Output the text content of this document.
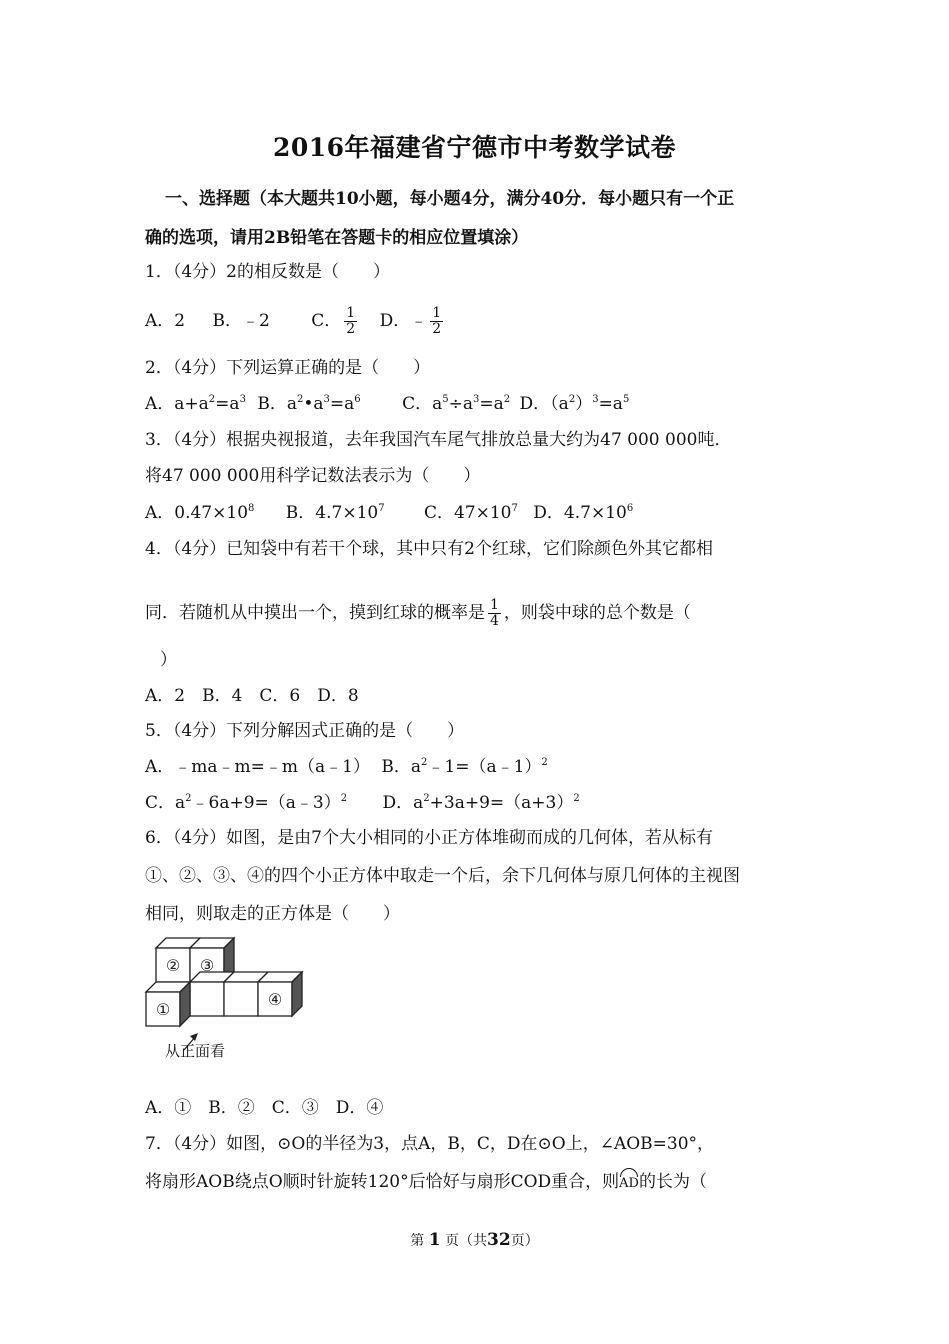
2016年福建省宁德市中考数学试卷
一、选择题（本大题共10小题，每小题4分，满分40分．每小题只有一个正
确的选项，请用2B铅笔在答题卡的相应位置填涂）
1．（4分）2的相反数是（　　）
A．2 B．﹣2 C． $\frac{1}{2}$ D．﹣ $\frac{1}{2}$
2．（4分）下列运算正确的是（　　）
A．$a+a^2=a^3$ B．$a^2•a^3=a^6$ C．$a^5\div a^3=a^2$ D．$(a^2)^3=a^5$
3．（4分）根据央视报道，去年我国汽车尾气排放总量大约为47 000 000吨．
将47 000 000用科学记数法表示为（　　）
A．$0.47\times 10^8$ B．$4.7\times 10^7$ C．$47\times 10^7$ D．$4.7\times 10^6$
4．（4分）已知袋中有若干个球，其中只有2个红球，它们除颜色外其它都相
同．若随机从中摸出一个，摸到红球的概率是 $\frac{1}{4}$ ，则袋中球的总个数是（
）
A．2　B．4　C．6　D．8
5．（4分）下列分解因式正确的是（　　）
A．﹣ma﹣m=﹣m（a﹣1） B．$a^2﹣1=(a﹣1)^2$
C．$a^2﹣6a+9=(a﹣3)^2$ D．$a^2+3a+9=(a+3)^2$
6．（4分）如图，是由7个大小相同的小正方体堆砌而成的几何体，若从标有
①、②、③、④的四个小正方体中取走一个后，余下几何体与原几何体的主视图
相同，则取走的正方体是（　　）
①
② ③
④
从正面看
A．①　B．②　C．③　D．④
7．（4分）如图，⊙O的半径为3，点A，B，C，D在⊙O上，∠AOB=30°，
将扇形AOB绕点O顺时针旋转120°后恰好与扇形COD重合，则AD的长为（
第 1 页（共32页）
